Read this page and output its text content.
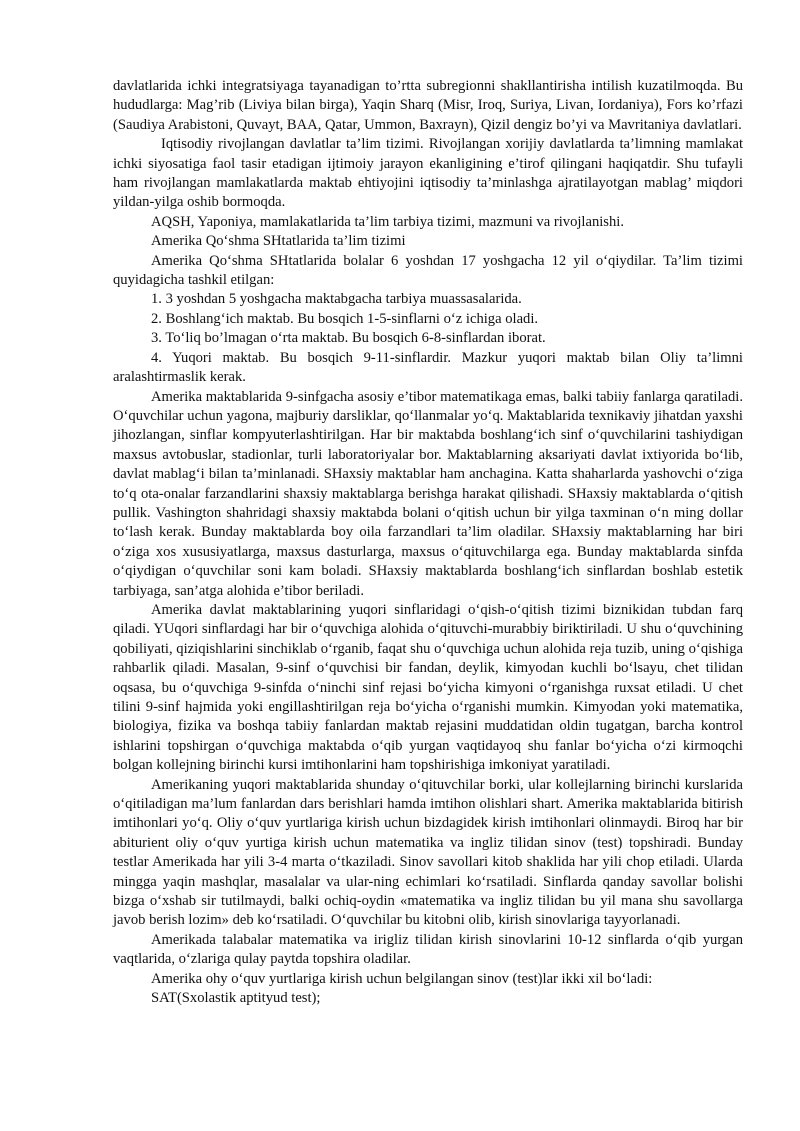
davlatlarida ichki integratsiyaga tayanadigan to’rtta subregionni shakllantirisha intilish kuzatilmoqda. Bu hududlarga: Mag’rib (Liviya bilan birga), Yaqin Sharq (Misr, Iroq, Suriya, Livan, Iordaniya), Fors ko’rfazi (Saudiya Arabistoni, Quvayt, BAA, Qatar, Ummon, Baxrayn), Qizil dengiz bo’yi va Mavritaniya davlatlari.

Iqtisodiy rivojlangan davlatlar ta’lim tizimi. Rivojlangan xorijiy davlatlarda ta’limning mamlakat ichki siyosatiga faol tasir etadigan ijtimoiy jarayon ekanligining e’tirof qilingani haqiqatdir. Shu tufayli ham rivojlangan mamlakatlarda maktab ehtiyojini iqtisodiy ta’minlashga ajratilayotgan mablag’ miqdori yildan-yilga oshib bormoqda.

AQSH, Yaponiya, mamlakatlarida ta’lim tarbiya tizimi, mazmuni va rivojlanishi.

Amerika Qo‘shma SHtatlarida ta’lim tizimi

Amerika Qo‘shma SHtatlarida bolalar 6 yoshdan 17 yoshgacha 12 yil o‘qiydilar. Ta’lim tizimi quyidagicha tashkil etilgan:

1. 3 yoshdan 5 yoshgacha maktabgacha tarbiya muassasalarida.

2. Boshlang‘ich maktab. Bu bosqich 1-5-sinflarni o‘z ichiga oladi.

3. To‘liq bo’lmagan o‘rta maktab. Bu bosqich 6-8-sinflardan iborat.

4. Yuqori maktab. Bu bosqich 9-11-sinflardir. Mazkur yuqori maktab bilan Oliy ta’limni aralashtirmaslik kerak.

Amerika maktablarida 9-sinfgacha asosiy e’tibor matematikaga emas, balki tabiiy fanlarga qaratiladi. O‘quvchilar uchun yagona, majburiy darsliklar, qo‘llanmalar yo‘q. Maktablarida texnikaviy jihatdan yaxshi jihozlangan, sinflar kompyuterlashtirilgan. Har bir maktabda boshlang‘ich sinf o‘quvchilarini tashiydigan maxsus avtobuslar, stadionlar, turli laboratoriyalar bor. Maktablarning aksariyati davlat ixtiyorida bo‘lib, davlat mablag‘i bilan ta’minlanadi. SHaxsiy maktablar ham anchagina. Katta shaharlarda yashovchi o‘ziga to‘q ota-onalar farzandlarini shaxsiy maktablarga berishga harakat qilishadi. SHaxsiy maktablarda o‘qitish pullik. Vashington shahridagi shaxsiy maktabda bolani o‘qitish uchun bir yilga taxminan o‘n ming dollar to‘lash kerak. Bunday maktablarda boy oila farzandlari ta’lim oladilar. SHaxsiy maktablarning har biri o‘ziga xos xususiyatlarga, maxsus dasturlarga, maxsus o‘qituvchilarga ega. Bunday maktablarda sinfda o‘qiydigan o‘quvchilar soni kam boladi. SHaxsiy maktablarda boshlang‘ich sinflardan boshlab estetik tarbiyaga, san’atga alohida e’tibor beriladi.

Amerika davlat maktablarining yuqori sinflaridagi o‘qish-o‘qitish tizimi biznikidan tubdan farq qiladi. YUqori sinflardagi har bir o‘quvchiga alohida o‘qituvchi-murabbiy biriktiriladi. U shu o‘quvchining qobiliyati, qiziqishlarini sinchiklab o‘rganib, faqat shu o‘quvchiga uchun alohida reja tuzib, uning o‘qishiga rahbarlik qiladi. Masalan, 9-sinf o‘quvchisi bir fandan, deylik, kimyodan kuchli bo‘lsayu, chet tilidan oqsasa, bu o‘quvchiga 9-sinfda o‘ninchi sinf rejasi bo‘yicha kimyoni o‘rganishga ruxsat etiladi. U chet tilini 9-sinf hajmida yoki engillashtirilgan reja bo‘yicha o‘rganishi mumkin. Kimyodan yoki matematika, biologiya, fizika va boshqa tabiiy fanlardan maktab rejasini muddatidan oldin tugatgan, barcha kontrol ishlarini topshirgan o‘quvchiga maktabda o‘qib yurgan vaqtidayoq shu fanlar bo‘yicha o‘zi kirmoqchi bolgan kollejning birinchi kursi imtihonlarini ham topshirishiga imkoniyat yaratiladi.

Amerikaning yuqori maktablarida shunday o‘qituvchilar borki, ular kollejlarning birinchi kurslarida o‘qitiladigan ma’lum fanlardan dars berishlari hamda imtihon olishlari shart. Amerika maktablarida bitirish imtihonlari yo‘q. Oliy o‘quv yurtlariga kirish uchun bizdagidek kirish imtihonlari olinmaydi. Biroq har bir abiturient oliy o‘quv yurtiga kirish uchun matematika va ingliz tilidan sinov (test) topshiradi. Bunday testlar Amerikada har yili 3-4 marta o‘tkaziladi. Sinov savollari kitob shaklida har yili chop etiladi. Ularda mingga yaqin mashqlar, masalalar va ular-ning echimlari ko‘rsatiladi. Sinflarda qanday savollar bolishi bizga o‘xshab sir tutilmaydi, balki ochiq-oydin «matematika va ingliz tilidan bu yil mana shu savollarga javob berish lozim» deb ko‘rsatiladi. O‘quvchilar bu kitobni olib, kirish sinovlariga tayyorlanadi.

Amerikada talabalar matematika va irigliz tilidan kirish sinovlarini 10-12 sinflarda o‘qib yurgan vaqtlarida, o‘zlariga qulay paytda topshira oladilar.

Amerika ohy o‘quv yurtlariga kirish uchun belgilangan sinov (test)lar ikki xil bo‘ladi:

SAT(Sxolastik aptityud test);
